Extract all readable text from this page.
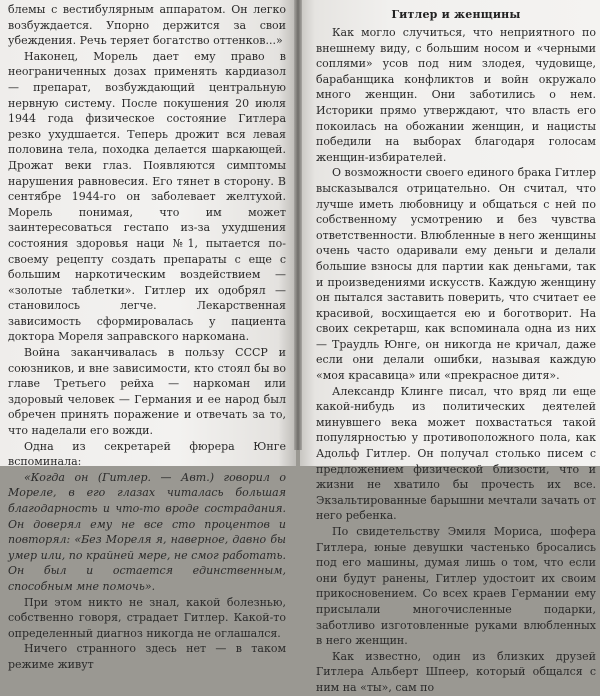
блемы с вестибулярным аппаратом. Он легко возбуждается. Упорно держится за свои убеждения. Речь теряет богатство оттенков...»

Наконец, Морель дает ему право в неограниченных дозах применять кардиазол — препарат, возбуждающий центральную нервную систему. После покушения 20 июля 1944 года физическое состояние Гитлера резко ухудшается. Теперь дрожит вся левая половина тела, походка делается шаркающей. Дрожат веки глаз. Появляются симптомы нарушения равновесия. Его тянет в сторону. В сентябре 1944-го он заболевает желтухой. Морель понимая, что им может заинтересоваться гестапо из-за ухудшения состояния здоровья наци №1, пытается по-своему рецепту создать препараты с еще с большим наркотическим воздействием — «золотые таблетки». Гитлер их одобрял — становилось легче. Лекарственная зависимость сформировалась у пациента доктора Мореля заправского наркомана.

Война заканчивалась в пользу СССР и союзников, и вне зависимости, кто стоял бы во главе Третьего рейха — наркоман или здоровый человек — Германия и ее народ был обречен принять поражение и отвечать за то, что наделали его вожди.

Одна из секретарей фюрера Юнге вспоминала:

«Когда он (Гитлер. — Авт.) говорил о Мореле, в его глазах читалась большая благодарность и что-то вроде сострадания. Он доверял ему не все сто процентов и повторял: «Без Мореля я, наверное, давно бы умер или, по крайней мере, не смог работать. Он был и остается единственным, способным мне помочь».

При этом никто не знал, какой болезнью, собственно говоря, страдает Гитлер. Какой-то определенный диагноз никогда не оглашался.

Ничего странного здесь нет — в таком режиме живут

Гитлер и женщины

Как могло случиться, что неприятного по внешнему виду, с большим носом и «черными соплями» усов под ним злодея, чудовище, барабанщика конфликтов и войн окружало много женщин. Они заботились о нем. Историки прямо утверждают, что власть его покоилась на обожании женщин, и нацисты победили на выборах благодаря голосам женщин-избирателей.

О возможности своего единого брака Гитлер высказывался отрицательно. Он считал, что лучше иметь любовницу и общаться с ней по собственному усмотрению и без чувства ответственности. Влюбленные в него женщины очень часто одаривали ему деньги и делали большие взносы для партии как деньгами, так и произведениями искусств. Каждую женщину он пытался заставить поверить, что считает ее красивой, восхищается ею и боготворит. На своих секретарш, как вспоминала одна из них — Траудль Юнге, он никогда не кричал, даже если они делали ошибки, называя каждую «моя красавица» или «прекрасное дитя».

Александр Клинге писал, что вряд ли еще какой-нибудь из политических деятелей минувшего века может похвастаться такой популярностью у противоположного пола, как Адольф Гитлер. Он получал столько писем с предложением физической близости, что и жизни не хватило бы прочесть их все. Экзальтированные барышни мечтали зачать от него ребенка.

По свидетельству Эмиля Мориса, шофера Гитлера, юные девушки частенько бросались под его машины, думая лишь о том, что если они будут ранены, Гитлер удостоит их своим прикосновением. Со всех краев Германии ему присылали многочисленные подарки, заботливо изготовленные руками влюбленных в него женщин.

Как известно, один из близких друзей Гитлера Альберт Шпеер, который общался с ним на «ты», сам по
